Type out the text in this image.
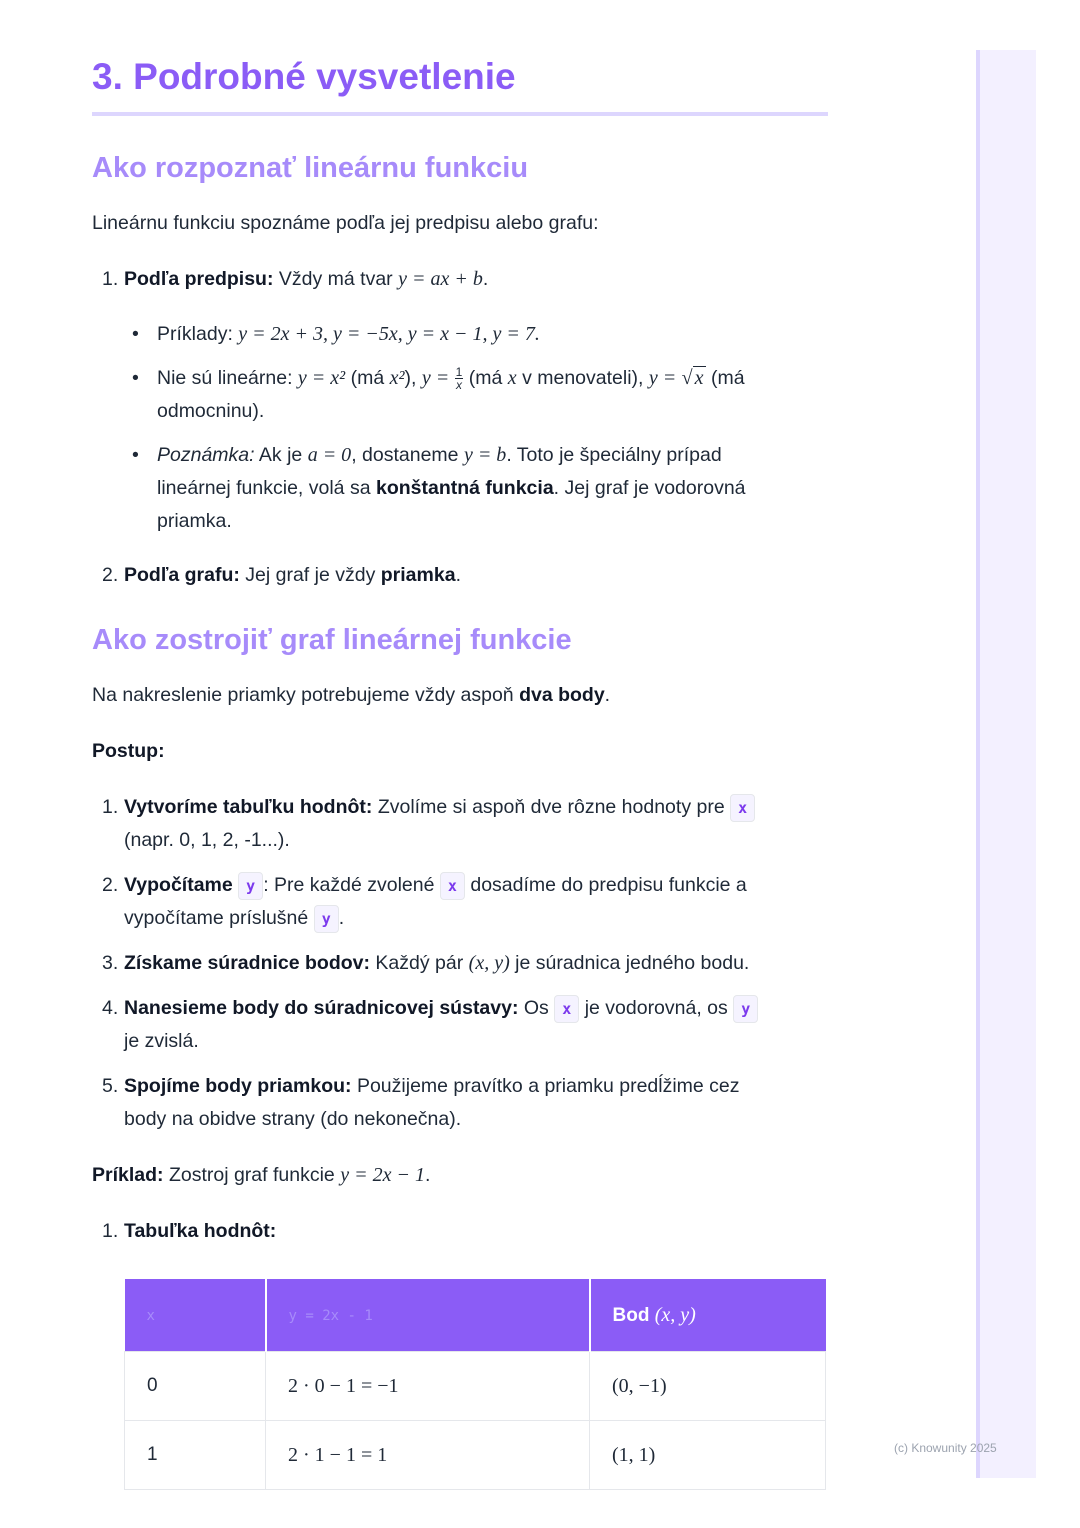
(c) Knowunity 2025
3. Podrobné vysvetlenie
Ako rozpoznať lineárnu funkciu
Lineárnu funkciu spoznáme podľa jej predpisu alebo grafu:
1. Podľa predpisu: Vždy má tvar y = ax + b.
• Príklady: y = 2x + 3, y = −5x, y = x − 1, y = 7.
• Nie sú lineárne: y = x² (má x²), $y = \frac{1}{x}$ (má x v menovateli), y = √ x (má
odmocninu).
• Poznámka: Ak je a = 0, dostaneme y = b. Toto je špeciálny prípad
lineárnej funkcie, volá sa konštantná funkcia. Jej graf je vodorovná
priamka.
2. Podľa grafu: Jej graf je vždy priamka.
Ako zostrojiť graf lineárnej funkcie
Na nakreslenie priamky potrebujeme vždy aspoň dva body.
Postup:
1. Vytvoríme tabuľku hodnôt: Zvolíme si aspoň dve rôzne hodnoty pre x
(napr. 0, 1, 2, -1...).
2. Vypočítame y : Pre každé zvolené x dosadíme do predpisu funkcie a
vypočítame príslušné y .
3. Získame súradnice bodov: Každý pár (x, y) je súradnica jedného bodu.
4. Nanesieme body do súradnicovej sústavy: Os x je vodorovná, os y
je zvislá.
5. Spojíme body priamkou: Použijeme pravítko a priamku predĺžime cez
body na obidve strany (do nekonečna).
Príklad: Zostroj graf funkcie y = 2x − 1.
1. Tabuľka hodnôt:
x	y = 2x - 1	Bod (x, y)
0	2 · 0 − 1 = −1	(0, −1)
1	2 · 1 − 1 = 1	(1, 1)
